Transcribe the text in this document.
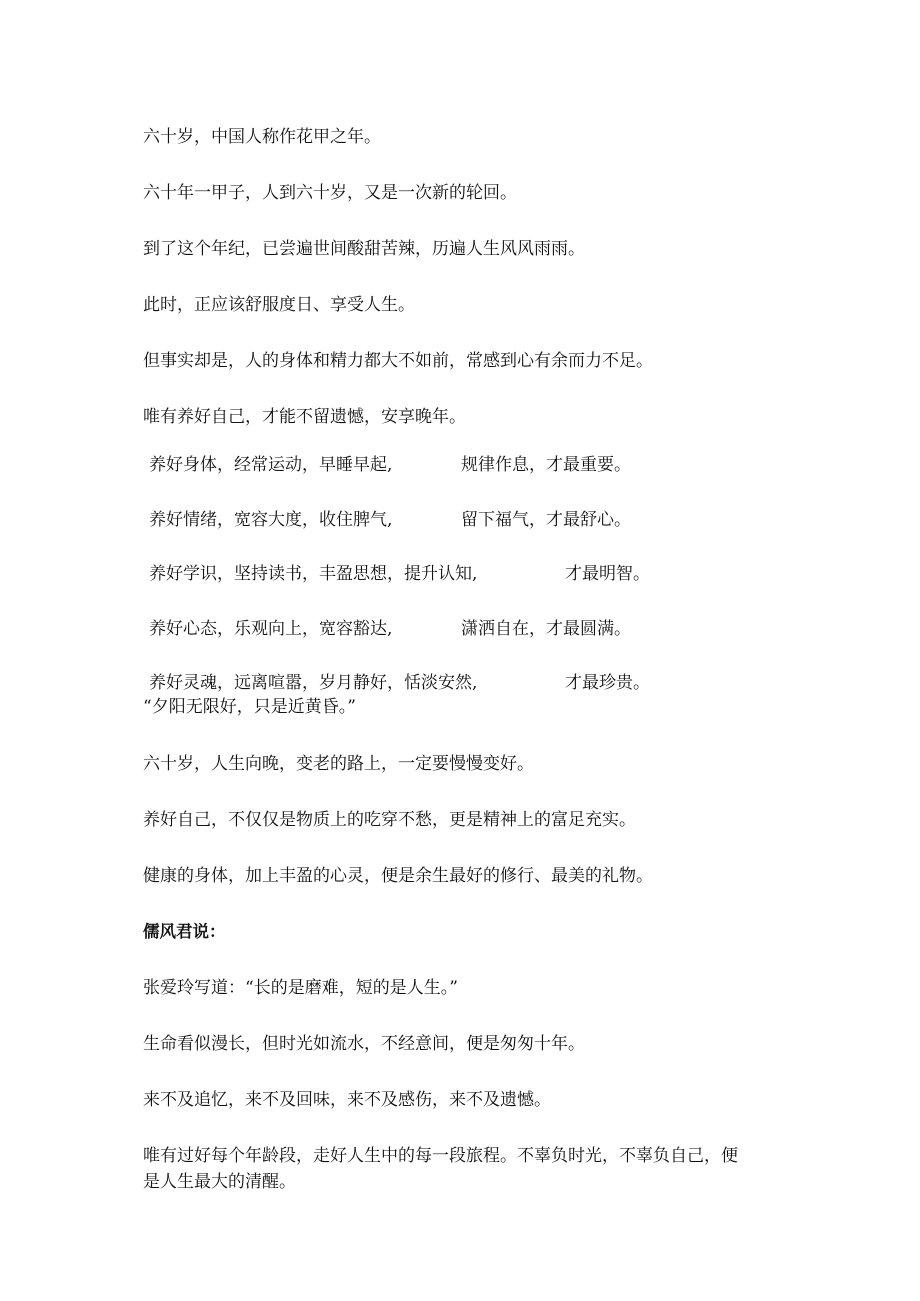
六十岁，中国人称作花甲之年。

六十年一甲子，人到六十岁，又是一次新的轮回。

到了这个年纪，已尝遍世间酸甜苦辣，历遍人生风风雨雨。

此时，正应该舒服度日、享受人生。

但事实却是，人的身体和精力都大不如前，常感到心有余而力不足。

唯有养好自己，才能不留遗憾，安享晚年。

养好身体，经常运动，早睡早起,	规律作息，才最重要。
养好情绪，宽容大度，收住脾气,	留下福气，才最舒心。
养好学识，坚持读书，丰盈思想，提升认知,	才最明智。
养好心态，乐观向上，宽容豁达,	潇洒自在，才最圆满。
养好灵魂，远离喧嚣，岁月静好，恬淡安然,	才最珍贵。

“夕阳无限好，只是近黄昏。”

六十岁，人生向晚，变老的路上，一定要慢慢变好。

养好自己，不仅仅是物质上的吃穿不愁，更是精神上的富足充实。

健康的身体，加上丰盈的心灵，便是余生最好的修行、最美的礼物。

儒风君说：

张爱玲写道：“长的是磨难，短的是人生。”

生命看似漫长，但时光如流水，不经意间，便是匆匆十年。

来不及追忆，来不及回味，来不及感伤，来不及遗憾。

唯有过好每个年龄段，走好人生中的每一段旅程。不辜负时光，不辜负自己，便是人生最大的清醒。
